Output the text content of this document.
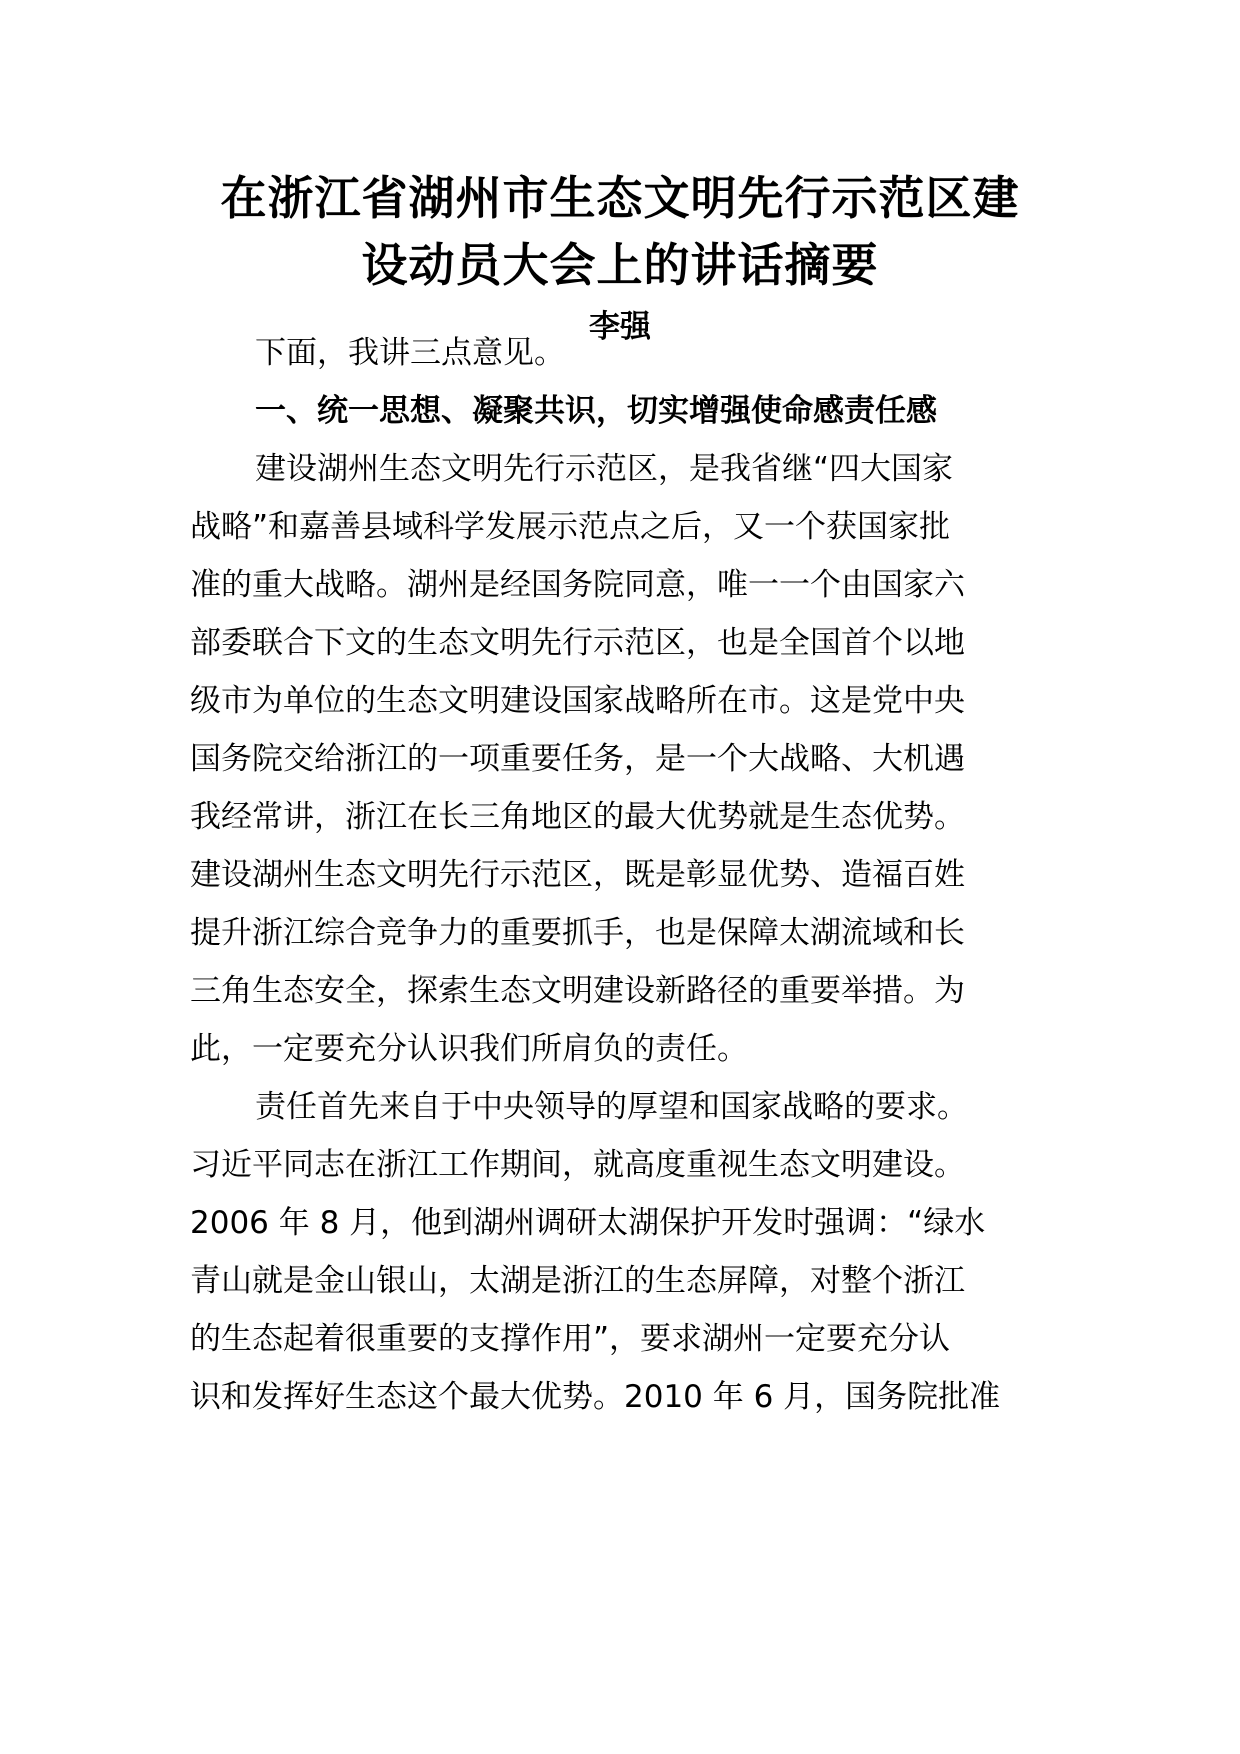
在浙江省湖州市生态文明先行示范区建
设动员大会上的讲话摘要
李强
下面，我讲三点意见。
一、统一思想、凝聚共识，切实增强使命感责任感
建设湖州生态文明先行示范区，是我省继“四大国家
战略”和嘉善县域科学发展示范点之后，又一个获国家批
准的重大战略。湖州是经国务院同意，唯一一个由国家六
部委联合下文的生态文明先行示范区，也是全国首个以地
级市为单位的生态文明建设国家战略所在市。这是党中央
国务院交给浙江的一项重要任务，是一个大战略、大机遇
我经常讲，浙江在长三角地区的最大优势就是生态优势。
建设湖州生态文明先行示范区，既是彰显优势、造福百姓
提升浙江综合竞争力的重要抓手，也是保障太湖流域和长
三角生态安全，探索生态文明建设新路径的重要举措。为
此，一定要充分认识我们所肩负的责任。
责任首先来自于中央领导的厚望和国家战略的要求。
习近平同志在浙江工作期间，就高度重视生态文明建设。
2006 年 8 月，他到湖州调研太湖保护开发时强调：“绿水
青山就是金山银山，太湖是浙江的生态屏障，对整个浙江
的生态起着很重要的支撑作用”，要求湖州一定要充分认
识和发挥好生态这个最大优势。2010 年 6 月，国务院批准
